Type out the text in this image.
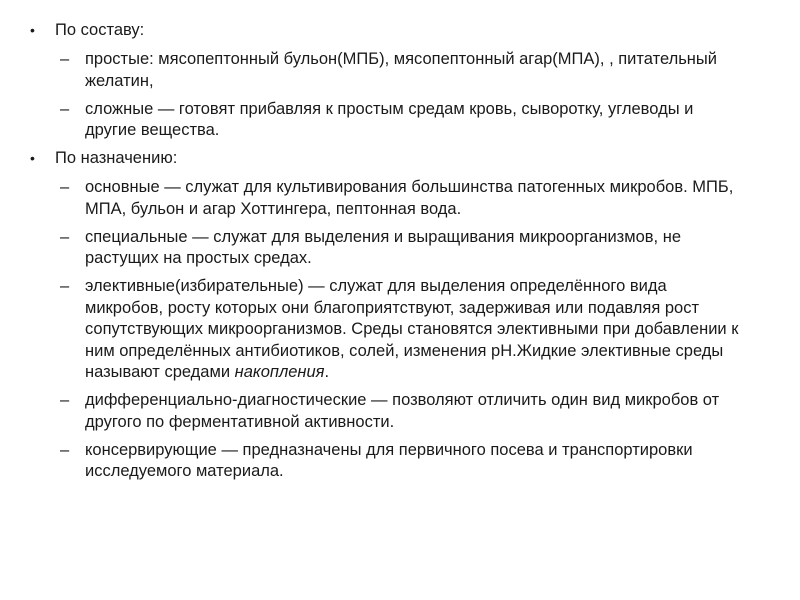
•	По составу:
– простые: мясопептонный бульон(МПБ), мясопептонный агар(МПА), , питательный желатин,
– сложные — готовят прибавляя к простым средам кровь, сыворотку, углеводы и другие вещества.
•	По назначению:
– основные — служат для культивирования большинства патогенных микробов. МПБ, МПА, бульон и агар Хоттингера, пептонная вода.
– специальные — служат для выделения и выращивания микроорганизмов, не растущих на простых средах.
– элективные(избирательные) — служат для выделения определённого вида микробов, росту которых они благоприятствуют, задерживая или подавляя рост сопутствующих микроорганизмов. Среды становятся элективными при добавлении к ним определённых антибиотиков, солей, изменения рН.Жидкие элективные среды называют средами накопления.
– дифференциально-диагностические — позволяют отличить один вид микробов от другого по ферментативной активности.
– консервирующие — предназначены для первичного посева и транспортировки исследуемого материала.
